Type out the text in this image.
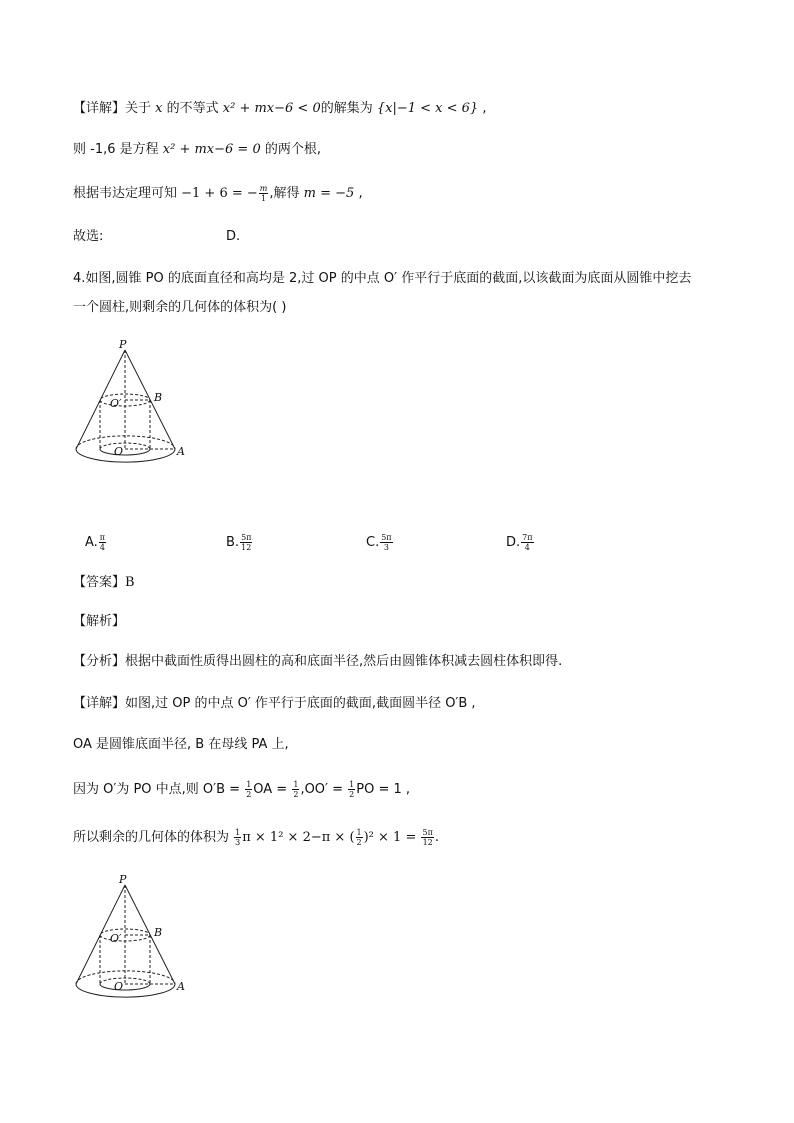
【详解】关于 x 的不等式 x² + mx−6 < 0的解集为 {x|−1 < x < 6} ,
则 -1,6 是方程 x² + mx−6 = 0 的两个根,
根据韦达定理可知 −1 + 6 = − $\frac{m}{1}$ ,解得 m = −5 ,
故选:	D.
4.如图,圆锥 PO 的底面直径和高均是 2,过 OP 的中点 O′ 作平行于底面的截面,以该截面为底面从圆锥中挖去
一个圆柱,则剩余的几何体的体积为( )
P
B
O′
O	A
A. $\frac{\pi}{4}$	B. $\frac{5\pi}{12}$	C. $\frac{5\pi}{3}$	D. $\frac{7\pi}{4}$
【答案】B
【解析】
【分析】根据中截面性质得出圆柱的高和底面半径,然后由圆锥体积减去圆柱体积即得.
【详解】如图,过 OP 的中点 O′ 作平行于底面的截面,截面圆半径 O′B ,
OA 是圆锥底面半径, B 在母线 PA 上,
因为 O′为 PO 中点,则 $O'B = \frac{1}{2}$ OA = $\frac{1}{2} ,OO' = \frac{1}{2}$ PO = 1 ,
所以剩余的几何体的体积为 $\frac{1}{3}$ π × 1² × 2−π × ( $\frac{1}{2} )^2 \times 1 = \frac{5\pi}{12}$ .
P
B
O′
O	A
